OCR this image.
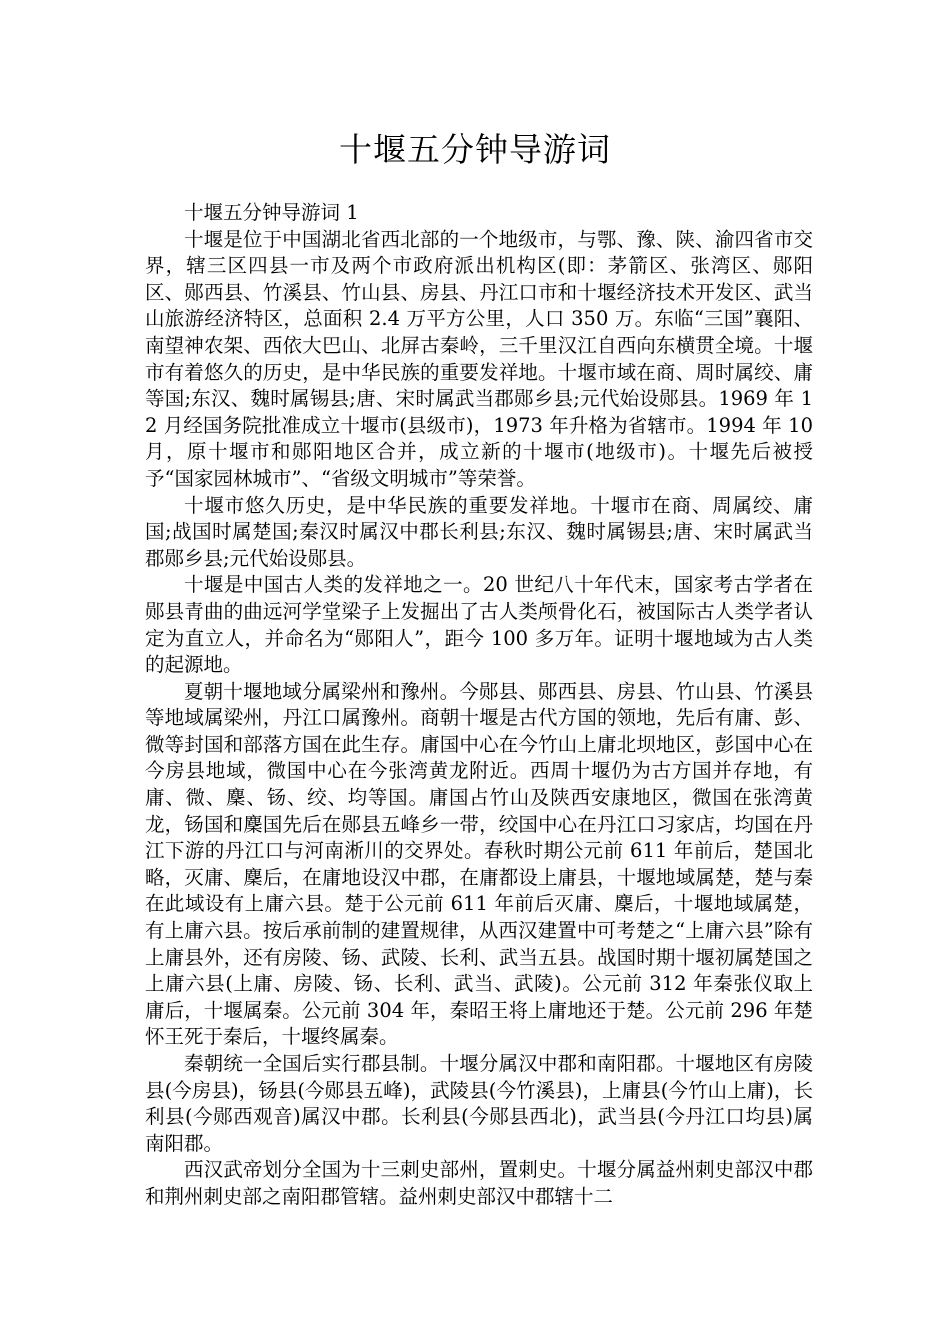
十堰五分钟导游词

十堰五分钟导游词 1

十堰是位于中国湖北省西北部的一个地级市，与鄂、豫、陕、渝四省市交界，辖三区四县一市及两个市政府派出机构区(即：茅箭区、张湾区、郧阳区、郧西县、竹溪县、竹山县、房县、丹江口市和十堰经济技术开发区、武当山旅游经济特区，总面积 2.4 万平方公里，人口 350 万。东临“三国”襄阳、南望神农架、西依大巴山、北屏古秦岭，三千里汉江自西向东横贯全境。十堰市有着悠久的历史，是中华民族的重要发祥地。十堰市域在商、周时属绞、庸等国;东汉、魏时属锡县;唐、宋时属武当郡郧乡县;元代始设郧县。1969 年 12 月经国务院批准成立十堰市(县级市)，1973 年升格为省辖市。1994 年 10 月，原十堰市和郧阳地区合并，成立新的十堰市(地级市)。十堰先后被授予“国家园林城市”、“省级文明城市”等荣誉。

十堰市悠久历史，是中华民族的重要发祥地。十堰市在商、周属绞、庸国;战国时属楚国;秦汉时属汉中郡长利县;东汉、魏时属锡县;唐、宋时属武当郡郧乡县;元代始设郧县。

十堰是中国古人类的发祥地之一。20 世纪八十年代末，国家考古学者在郧县青曲的曲远河学堂梁子上发掘出了古人类颅骨化石，被国际古人类学者认定为直立人，并命名为“郧阳人”，距今 100 多万年。证明十堰地域为古人类的起源地。

夏朝十堰地域分属梁州和豫州。今郧县、郧西县、房县、竹山县、竹溪县等地域属梁州，丹江口属豫州。商朝十堰是古代方国的领地，先后有庸、彭、微等封国和部落方国在此生存。庸国中心在今竹山上庸北坝地区，彭国中心在今房县地域，微国中心在今张湾黄龙附近。西周十堰仍为古方国并存地，有庸、微、麇、钖、绞、均等国。庸国占竹山及陕西安康地区，微国在张湾黄龙，钖国和麇国先后在郧县五峰乡一带，绞国中心在丹江口习家店，均国在丹江下游的丹江口与河南淅川的交界处。春秋时期公元前 611 年前后，楚国北略，灭庸、麇后，在庸地设汉中郡，在庸都设上庸县，十堰地域属楚，楚与秦在此域设有上庸六县。楚于公元前 611 年前后灭庸、麇后，十堰地域属楚，有上庸六县。按后承前制的建置规律，从西汉建置中可考楚之“上庸六县”除有上庸县外，还有房陵、钖、武陵、长利、武当五县。战国时期十堰初属楚国之上庸六县(上庸、房陵、钖、长利、武当、武陵)。公元前 312 年秦张仪取上庸后，十堰属秦。公元前 304 年，秦昭王将上庸地还于楚。公元前 296 年楚怀王死于秦后，十堰终属秦。

秦朝统一全国后实行郡县制。十堰分属汉中郡和南阳郡。十堰地区有房陵县(今房县)，钖县(今郧县五峰)，武陵县(今竹溪县)，上庸县(今竹山上庸)，长利县(今郧西观音)属汉中郡。长利县(今郧县西北)，武当县(今丹江口均县)属南阳郡。

西汉武帝划分全国为十三刺史部州，置刺史。十堰分属益州刺史部汉中郡和荆州刺史部之南阳郡管辖。益州刺史部汉中郡辖十二
